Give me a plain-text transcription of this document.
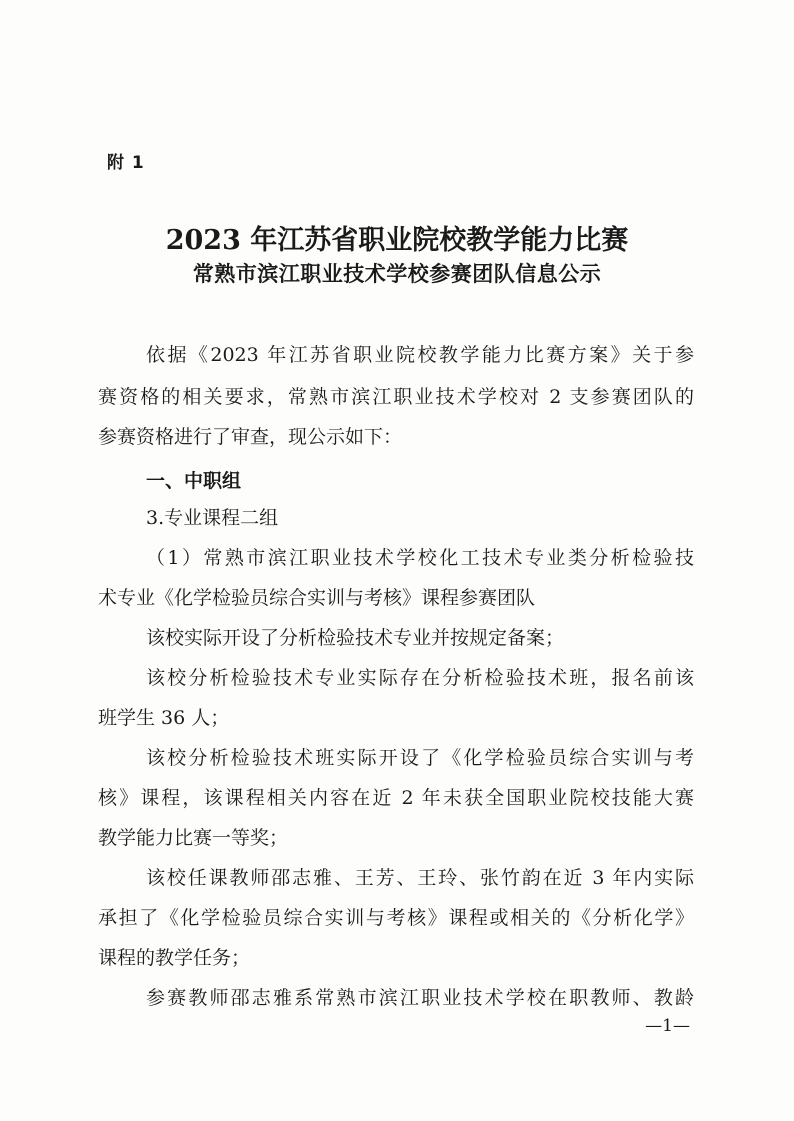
附 1
2023 年江苏省职业院校教学能力比赛
常熟市滨江职业技术学校参赛团队信息公示
依据《2023 年江苏省职业院校教学能力比赛方案》关于参
赛资格的相关要求，常熟市滨江职业技术学校对 2 支参赛团队的
参赛资格进行了审查，现公示如下：
一、中职组
3.专业课程二组
（1）常熟市滨江职业技术学校化工技术专业类分析检验技
术专业《化学检验员综合实训与考核》课程参赛团队
该校实际开设了分析检验技术专业并按规定备案；
该校分析检验技术专业实际存在分析检验技术班，报名前该
班学生 36 人；
该校分析检验技术班实际开设了《化学检验员综合实训与考
核》课程，该课程相关内容在近 2 年未获全国职业院校技能大赛
教学能力比赛一等奖；
该校任课教师邵志雅、王芳、王玲、张竹韵在近 3 年内实际
承担了《化学检验员综合实训与考核》课程或相关的《分析化学》
课程的教学任务；
参赛教师邵志雅系常熟市滨江职业技术学校在职教师、教龄
—1—
